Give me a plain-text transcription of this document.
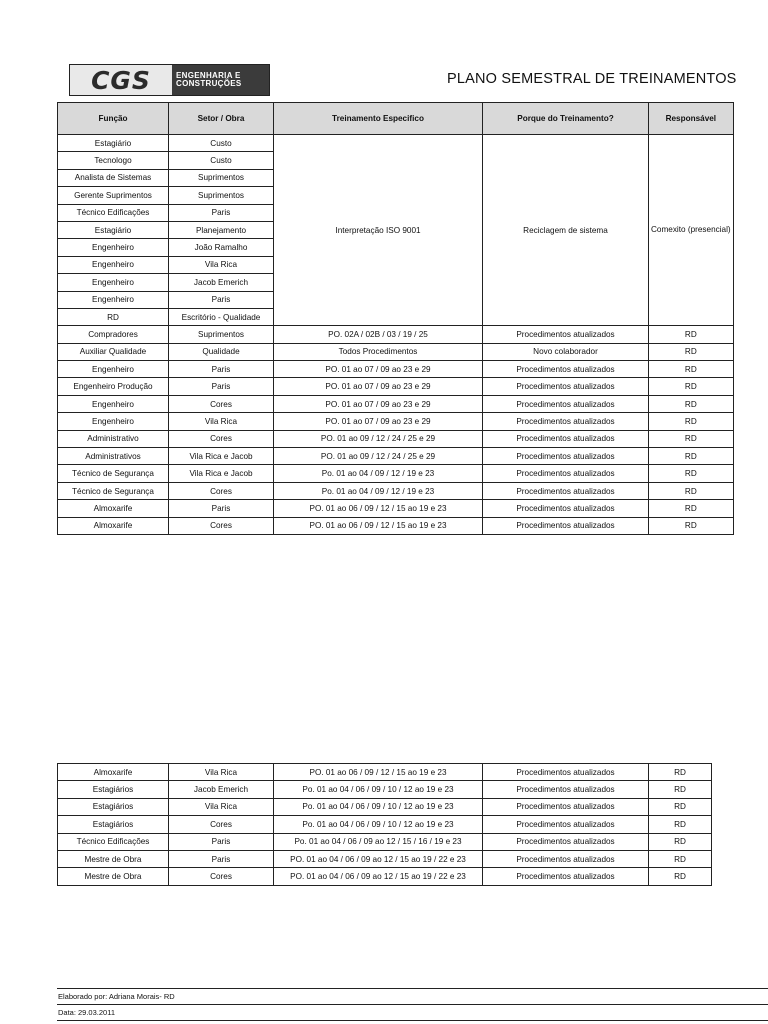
CGS	ENGENHARIA E
CONSTRUÇÕES	PLANO SEMESTRAL DE TREINAMENTOS
Função	Setor / Obra	Treinamento Especifico	Porque do Treinamento?	Responsável
Estagiário	Custo	Interpretação ISO 9001	Reciclagem de sistema	Comexito (presencial)
Tecnologo	Custo			
Analista de Sistemas	Suprimentos			
Gerente Suprimentos	Suprimentos			
Técnico Edificações	Paris			
Estagiário	Planejamento			
Engenheiro	João Ramalho			
Engenheiro	Vila Rica			
Engenheiro	Jacob Emerich			
Engenheiro	Paris			
RD	Escritório - Qualidade			
Compradores	Suprimentos	PO. 02A / 02B / 03 / 19 / 25	Procedimentos atualizados	RD
Auxiliar Qualidade	Qualidade	Todos Procedimentos	Novo colaborador	RD
Engenheiro	Paris	PO. 01 ao 07 / 09 ao 23 e 29	Procedimentos atualizados	RD
Engenheiro Produção	Paris	PO. 01 ao 07 / 09 ao 23 e 29	Procedimentos atualizados	RD
Engenheiro	Cores	PO. 01 ao 07 / 09 ao 23 e 29	Procedimentos atualizados	RD
Engenheiro	Vila Rica	PO. 01 ao 07 / 09 ao 23 e 29	Procedimentos atualizados	RD
Administrativo	Cores	PO. 01 ao 09 / 12 / 24 / 25 e 29	Procedimentos atualizados	RD
Administrativos	Vila Rica e Jacob	PO. 01 ao 09 / 12 / 24 / 25 e 29	Procedimentos atualizados	RD
Técnico de Segurança	Vila Rica e Jacob	Po. 01 ao 04 / 09 / 12 / 19 e 23	Procedimentos atualizados	RD
Técnico de Segurança	Cores	Po. 01 ao 04 / 09 / 12 / 19 e 23	Procedimentos atualizados	RD
Almoxarife	Paris	PO. 01 ao 06 / 09 / 12 / 15 ao 19 e 23	Procedimentos atualizados	RD
Almoxarife	Cores	PO. 01 ao 06 / 09 / 12 / 15 ao 19 e 23	Procedimentos atualizados	RD
Almoxarife	Vila Rica	PO. 01 ao 06 / 09 / 12 / 15 ao 19 e 23	Procedimentos atualizados	RD
Estagiários	Jacob Emerich	Po. 01 ao 04 / 06 / 09 / 10 / 12 ao 19 e 23	Procedimentos atualizados	RD
Estagiários	Vila Rica	Po. 01 ao 04 / 06 / 09 / 10 / 12 ao 19 e 23	Procedimentos atualizados	RD
Estagiários	Cores	Po. 01 ao 04 / 06 / 09 / 10 / 12 ao 19 e 23	Procedimentos atualizados	RD
Técnico Edificações	Paris	Po. 01 ao 04 / 06 / 09 ao 12 / 15 / 16 / 19 e 23	Procedimentos atualizados	RD
Mestre de Obra	Paris	PO. 01 ao 04 / 06 / 09 ao 12 / 15 ao 19 / 22 e 23	Procedimentos atualizados	RD
Mestre de Obra	Cores	PO. 01 ao 04 / 06 / 09 ao 12 / 15 ao 19 / 22 e 23	Procedimentos atualizados	RD
Elaborado por: Adriana Morais- RD
Data: 29.03.2011
